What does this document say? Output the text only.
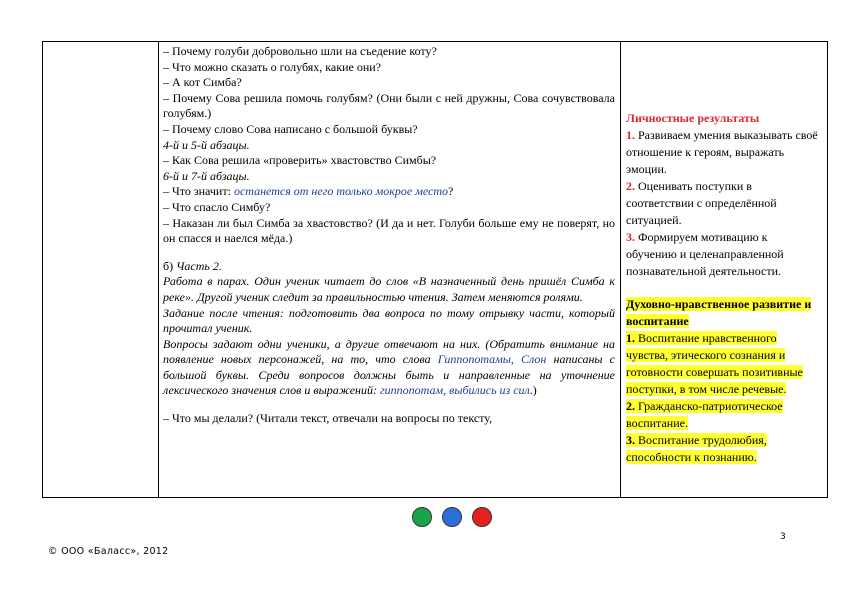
– Почему голуби добровольно шли на съедение коту?

– Что можно сказать о голубях, какие они?

– А кот Симба?

– Почему Сова решила помочь голубям? (Они были с ней дружны, Сова сочувствовала голубям.)

– Почему слово Сова написано с большой буквы?

4-й и 5-й абзацы.

– Как Сова решила «проверить» хвастовство Симбы?

6-й и 7-й абзацы.

– Что значит: останется от него только мокрое место?

– Что спасло Симбу?

– Наказан ли был Симба за хвастовство? (И да и нет. Голуби больше ему не поверят, но он спасся и наелся мёда.)

б) Часть 2.

Работа в парах. Один ученик читает до слов «В назначенный день пришёл Симба к реке». Другой ученик следит за правильностью чтения. Затем меняются ролями.

Задание после чтения: подготовить два вопроса по тому отрывку части, который прочитал ученик.

Вопросы задают одни ученики, а другие отвечают на них. (Обратить внимание на появление новых персонажей, на то, что слова Гиппопотамы, Слон написаны с большой буквы. Среди вопросов должны быть и направленные на уточнение лексического значения слов и выражений: гиппопотам, выбились из сил.)

– Что мы делали? (Читали текст, отвечали на вопросы по тексту,

Личностные результаты

1. Развиваем умения выказывать своё отношение к героям, выражать эмоции.

2. Оценивать поступки в соответствии с определённой ситуацией.

3. Формируем мотивацию к обучению и целенаправленной познавательной деятельности.

Духовно-нравственное развитие и воспитание

1. Воспитание нравственного чувства, этического сознания и готовности совершать позитивные поступки, в том числе речевые.

2. Гражданско-патриотическое воспитание.

3. Воспитание трудолюбия, способности к познанию.

© ООО «Баласс», 2012
3
